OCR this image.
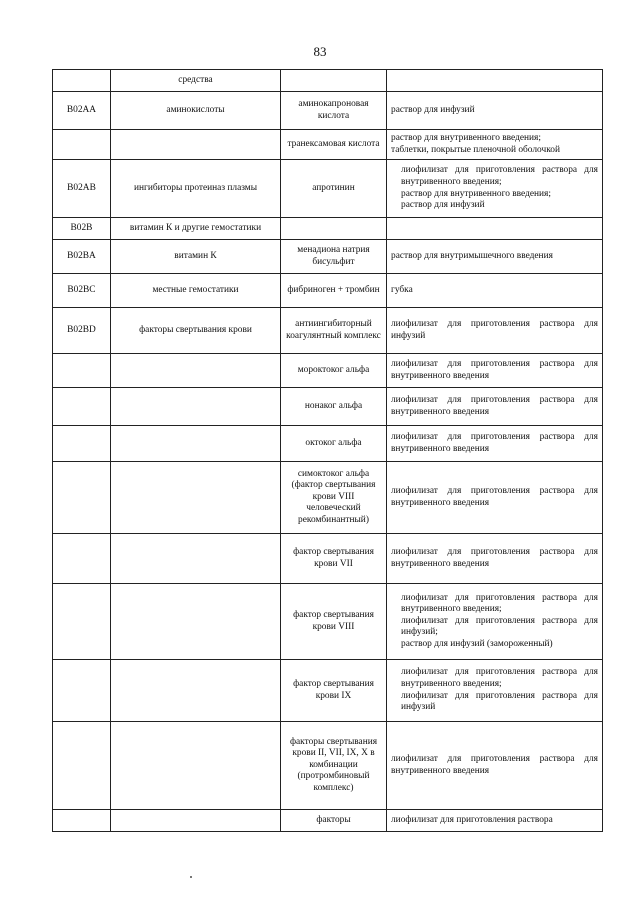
83
	средства		
B02AA	аминокислоты	аминокапроновая кислота	раствор для инфузий

		транексамовая кислота	раствор для внутривенного введения;
таблетки, покрытые пленочной оболочкой

B02AB	ингибиторы протеиназ плазмы	апротинин	лиофилизат для приготовления раствора для внутривенного введения;
раствор для внутривенного введения;
раствор для инфузий

B02B	витамин К и другие гемостатики		
B02BA	витамин К	менадиона натрия бисульфит	раствор для внутримышечного введения

B02BC	местные гемостатики	фибриноген + тромбин	губка

B02BD	факторы свертывания крови	антиингибиторный коагулянтный комплекс	лиофилизат для приготовления раствора для инфузий

		мороктоког альфа	лиофилизат для приготовления раствора для внутривенного введения

		нонаког альфа	лиофилизат для приготовления раствора для внутривенного введения

		октоког альфа	лиофилизат для приготовления раствора для внутривенного введения

		симоктоког альфа (фактор свертывания крови VIII человеческий рекомбинантный)	лиофилизат для приготовления раствора для внутривенного введения

		фактор свертывания крови VII	лиофилизат для приготовления раствора для внутривенного введения

		фактор свертывания крови VIII	лиофилизат для приготовления раствора для внутривенного введения;
лиофилизат для приготовления раствора для инфузий;
раствор для инфузий (замороженный)

		фактор свертывания крови IX	лиофилизат для приготовления раствора для внутривенного введения;
лиофилизат для приготовления раствора для инфузий

		факторы свертывания крови II, VII, IX, X в комбинации (протромбиновый комплекс)	лиофилизат для приготовления раствора для внутривенного введения

		факторы	лиофилизат для приготовления раствора
